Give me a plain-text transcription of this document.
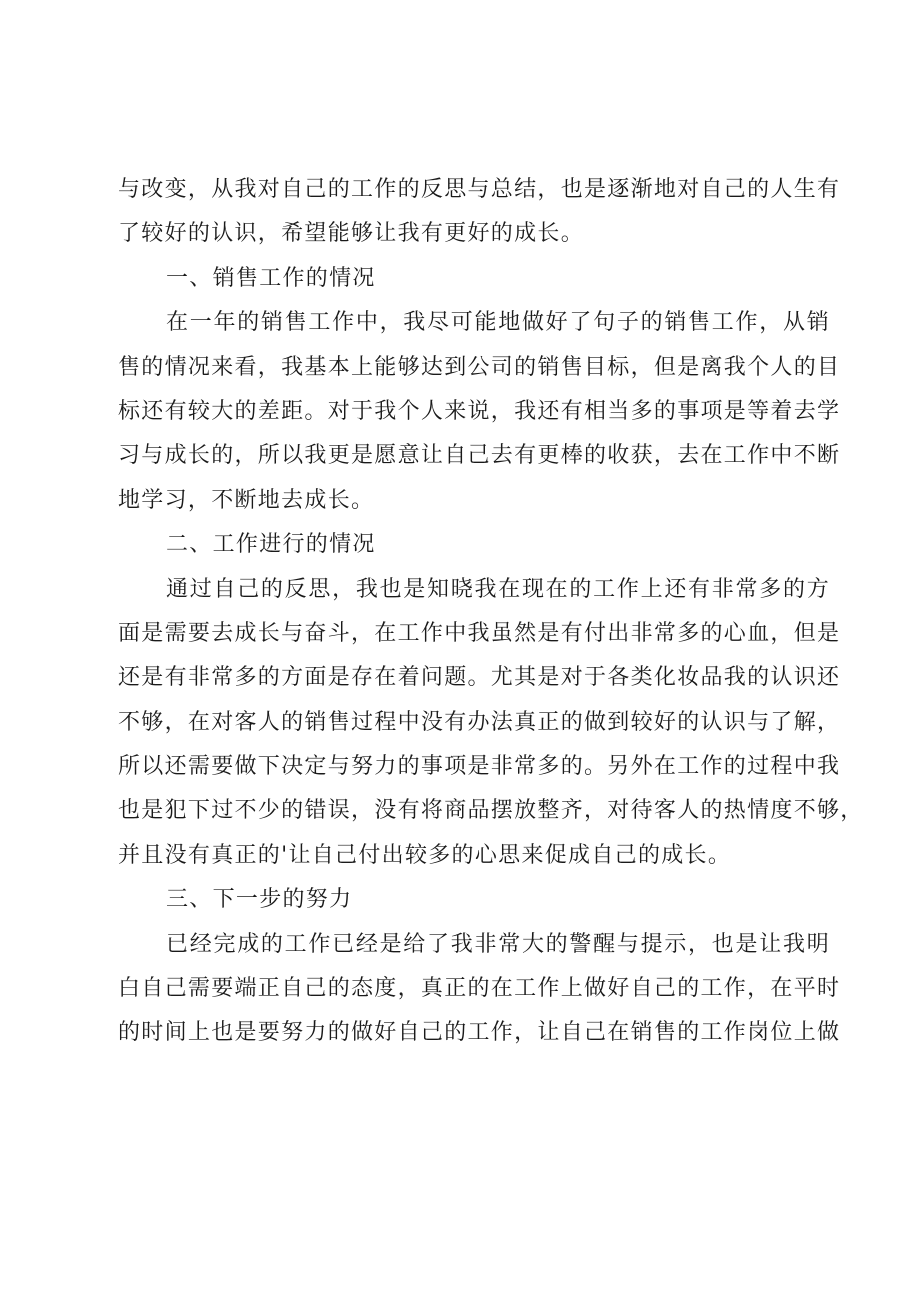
与改变，从我对自己的工作的反思与总结，也是逐渐地对自己的人生有
了较好的认识，希望能够让我有更好的成长。
一、销售工作的情况
在一年的销售工作中，我尽可能地做好了句子的销售工作，从销
售的情况来看，我基本上能够达到公司的销售目标，但是离我个人的目
标还有较大的差距。对于我个人来说，我还有相当多的事项是等着去学
习与成长的，所以我更是愿意让自己去有更棒的收获，去在工作中不断
地学习，不断地去成长。
二、工作进行的情况
通过自己的反思，我也是知晓我在现在的工作上还有非常多的方
面是需要去成长与奋斗，在工作中我虽然是有付出非常多的心血，但是
还是有非常多的方面是存在着问题。尤其是对于各类化妆品我的认识还
不够，在对客人的销售过程中没有办法真正的做到较好的认识与了解，
所以还需要做下决定与努力的事项是非常多的。另外在工作的过程中我
也是犯下过不少的错误，没有将商品摆放整齐，对待客人的热情度不够，
并且没有真正的'让自己付出较多的心思来促成自己的成长。
三、下一步的努力
已经完成的工作已经是给了我非常大的警醒与提示，也是让我明
白自己需要端正自己的态度，真正的在工作上做好自己的工作，在平时
的时间上也是要努力的做好自己的工作，让自己在销售的工作岗位上做
